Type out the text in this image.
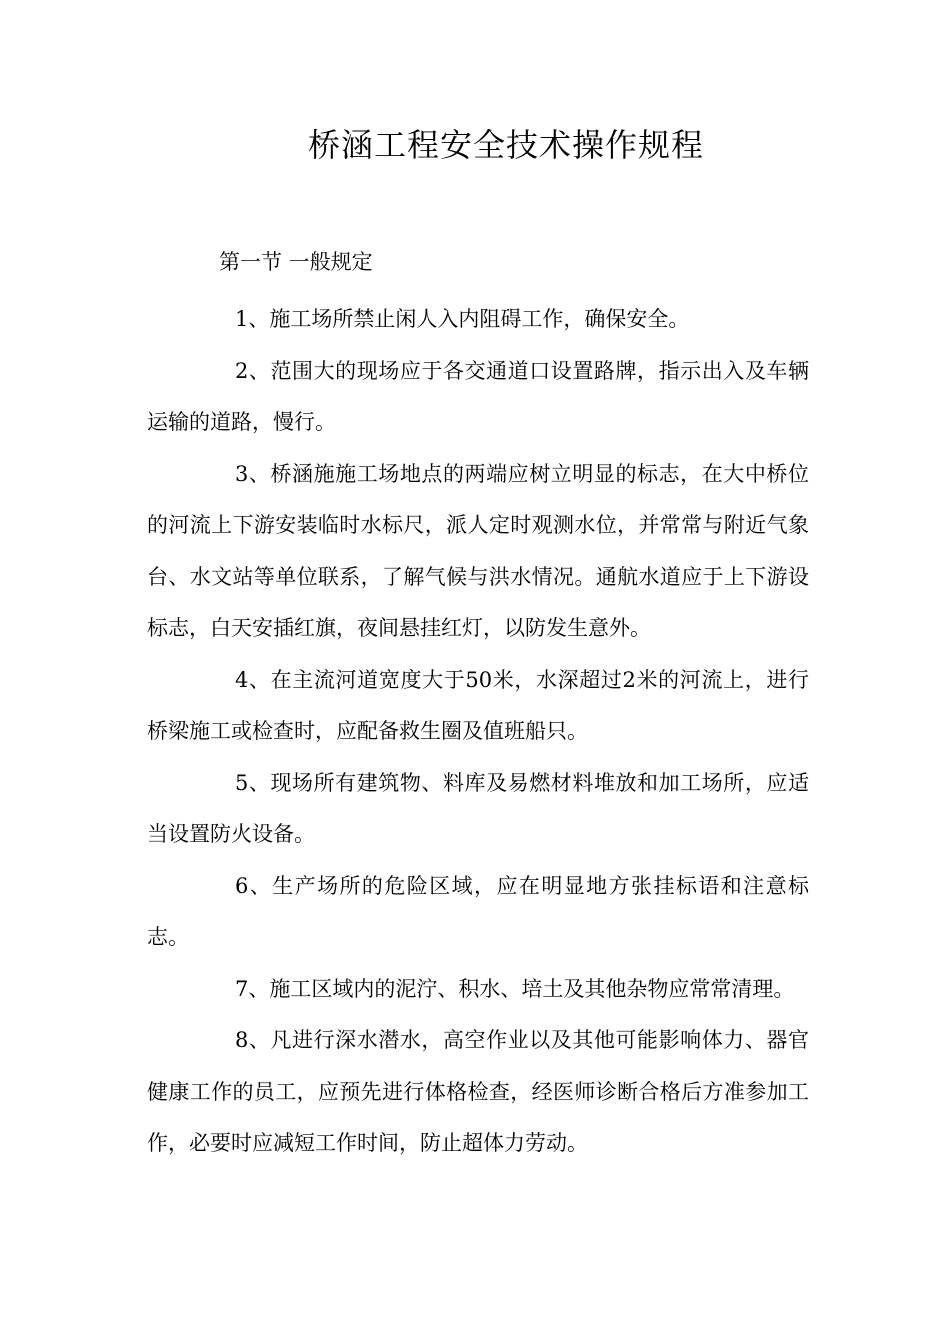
桥涵工程安全技术操作规程
第一节 一般规定

1、施工场所禁止闲人入内阻碍工作，确保安全。

2、范围大的现场应于各交通道口设置路牌，指示出入及车辆运输的道路，慢行。

3、桥涵施施工场地点的两端应树立明显的标志，在大中桥位的河流上下游安装临时水标尺，派人定时观测水位，并常常与附近气象台、水文站等单位联系，了解气候与洪水情况。通航水道应于上下游设标志，白天安插红旗，夜间悬挂红灯，以防发生意外。

4、在主流河道宽度大于50米，水深超过2米的河流上，进行桥梁施工或检查时，应配备救生圈及值班船只。

5、现场所有建筑物、料库及易燃材料堆放和加工场所，应适当设置防火设备。

6、生产场所的危险区域，应在明显地方张挂标语和注意标志。

7、施工区域内的泥泞、积水、培土及其他杂物应常常清理。

8、凡进行深水潜水，高空作业以及其他可能影响体力、器官健康工作的员工，应预先进行体格检查，经医师诊断合格后方准参加工作，必要时应减短工作时间，防止超体力劳动。
